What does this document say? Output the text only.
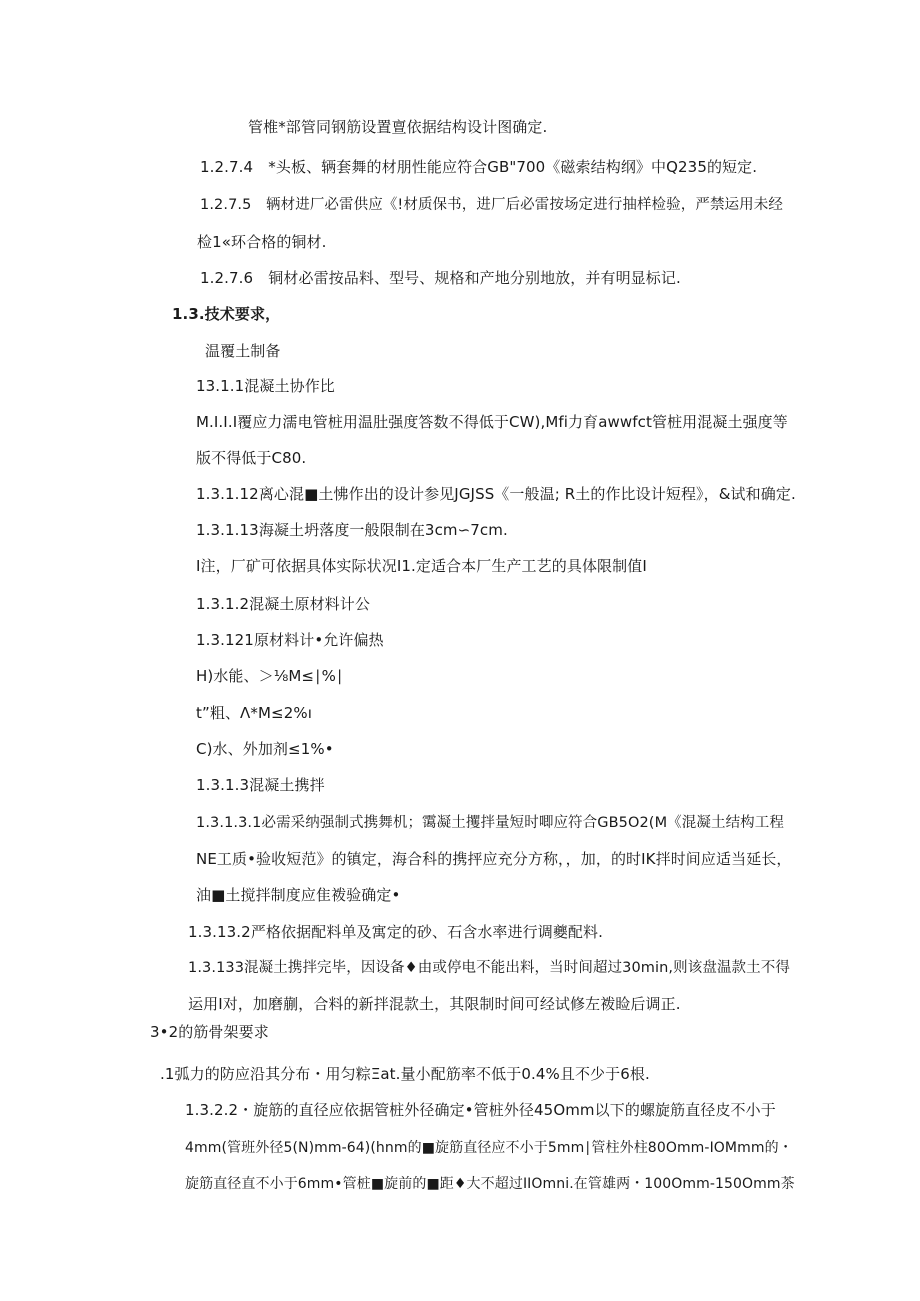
管椎*部管同钢筋设置亶依据结构设计图确定.
1.2.7.4　*头板、辆套舞的材朋性能应符合GB"700《磁索结构纲》中Q235的短定.
1.2.7.5　辆材进厂必雷供应《!材质保书，进厂后必雷按场定进行抽样检验，严禁运用未经
检1«环合格的铜材.
1.2.7.6　铜材必雷按品料、型号、规格和产地分别地放，并有明显标记.
1.3.技术要求，
温覆土制备
13.1.1混凝土协作比
M.I.I.I覆应力濡电管桩用温肚强度答数不得低于CW),Mfi力育awwfct管桩用混凝土强度等
版不得低于C80.
1.3.1.12离心混■土怫作出的设计参见JGJSS《一般温; R土的作比设计短程》，&试和确定.
1.3.1.13海凝土坍落度一般限制在3cm∽7cm.
I注，厂矿可依据具体实际状况I1.定适合本厂生产工艺的具体限制值I
1.3.1.2混凝土原材料计公
1.3.121原材料计•允许偏热
H)水能、＞⅛M≤∣%∣
t”粗、Λ*M≤2%ı
C)水、外加剂≤1%•
1.3.1.3混凝土携拌
1.3.1.3.1必需采纳强制式携舞机；霭凝土攫拌量短时唧应符合GB5O2(M《混凝土结构工程
NE工质•验收短范》的镇定，海合科的携抨应充分方称，，加，的时IK拌时间应适当延长，
油■土搅拌制度应隹袯验确定•
1.3.13.2严格依据配料单及寓定的砂、石含水率进行调夔配料.
1.3.133混凝土携拌完毕，因设备♦由或停电不能出料，当时间超过30min,则该盘温款土不得
运用I对，加磨蒯，合料的新拌混款土，其限制时间可经试修左袯睑后调正.
3•2的筋骨架要求
.1弧力的防应沿其分布・用匀粽Ξat.量小配筋率不低于0.4%且不少于6根.
1.3.2.2・旋筋的直径应依据管桩外径确定•管桩外径45Omm以下的螺旋筋直径皮不小于
4mm(管班外径5(N)mm-64)(hnm的■旋筋直径应不小于5mm∣管柱外柱80Omm-IOMmm的・
旋筋直径直不小于6mm•管桩■旋前的■距♦大不超过IIOmni.在管雄两・100Omm-150Omm茶
